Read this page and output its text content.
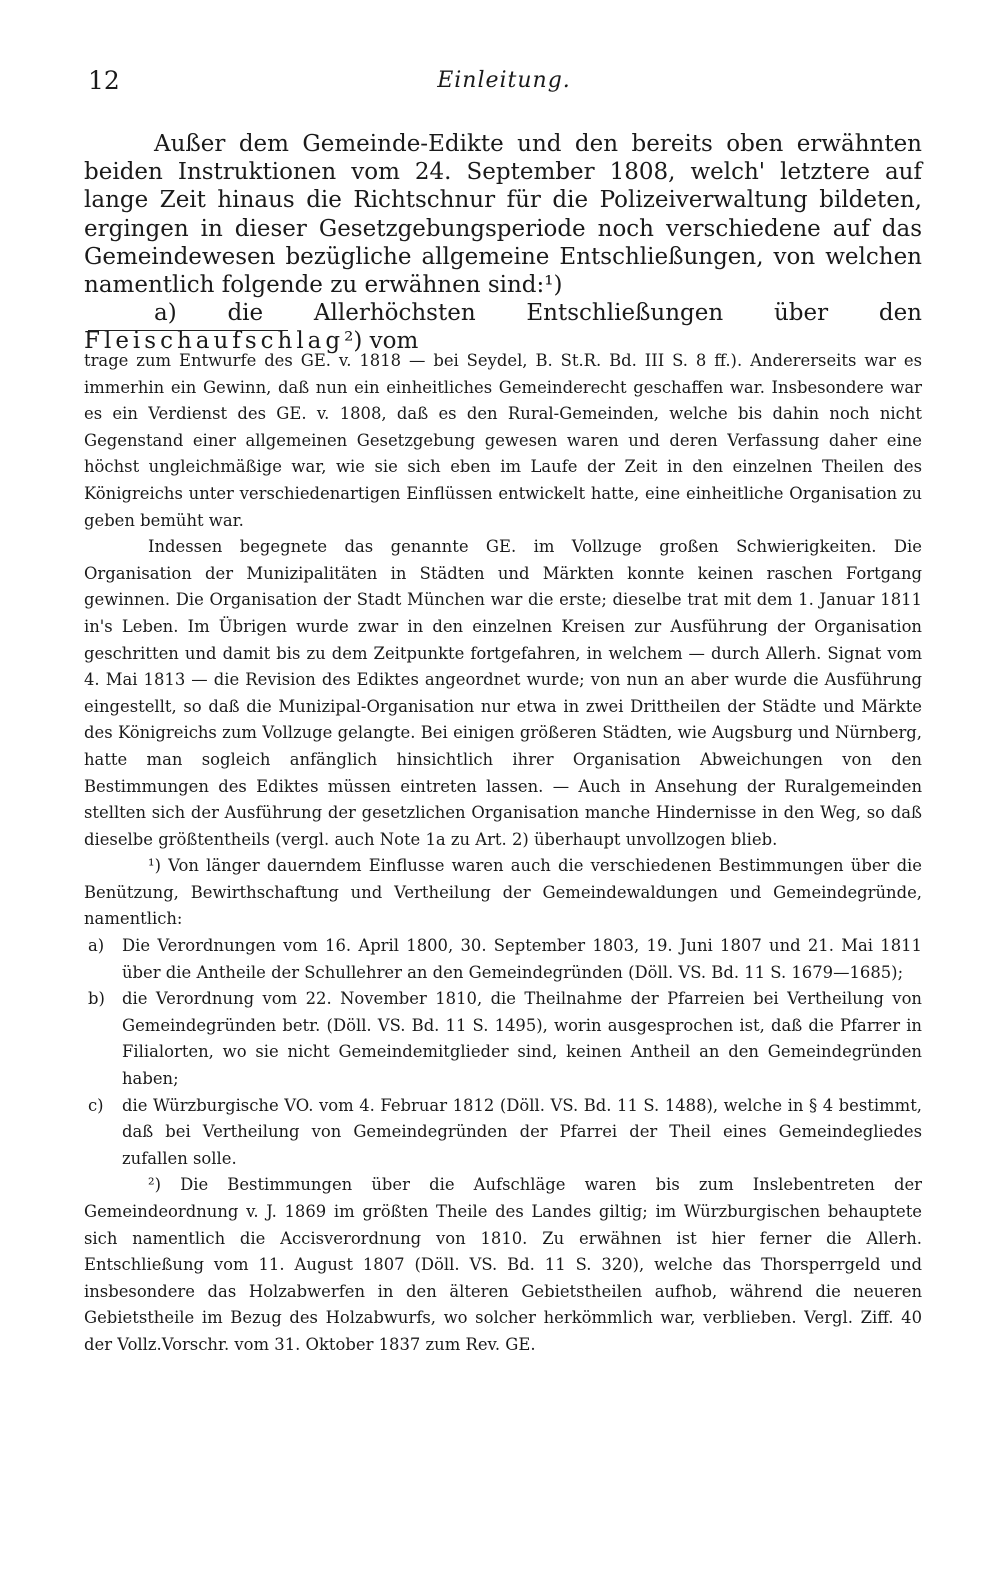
12	Einleitung.

Außer dem Gemeinde-Edikte und den bereits oben erwähnten beiden Instruktionen vom 24. September 1808, welch' letztere auf lange Zeit hinaus die Richtschnur für die Polizeiverwaltung bildeten, ergingen in dieser Gesetzgebungsperiode noch verschiedene auf das Gemeindewesen bezügliche allgemeine Entschließungen, von welchen namentlich folgende zu erwähnen sind:¹)

a) die Allerhöchsten Entschließungen über den Fleischaufschlag²) vom

trage zum Entwurfe des GE. v. 1818 — bei Seydel, B. St.R. Bd. III S. 8 ff.). Andererseits war es immerhin ein Gewinn, daß nun ein einheitliches Gemeinderecht geschaffen war. Insbesondere war es ein Verdienst des GE. v. 1808, daß es den Rural-Gemeinden, welche bis dahin noch nicht Gegenstand einer allgemeinen Gesetzgebung gewesen waren und deren Verfassung daher eine höchst ungleichmäßige war, wie sie sich eben im Laufe der Zeit in den einzelnen Theilen des Königreichs unter verschiedenartigen Einflüssen entwickelt hatte, eine einheitliche Organisation zu geben bemüht war.

Indessen begegnete das genannte GE. im Vollzuge großen Schwierigkeiten. Die Organisation der Munizipalitäten in Städten und Märkten konnte keinen raschen Fortgang gewinnen. Die Organisation der Stadt München war die erste; dieselbe trat mit dem 1. Januar 1811 in's Leben. Im Übrigen wurde zwar in den einzelnen Kreisen zur Ausführung der Organisation geschritten und damit bis zu dem Zeitpunkte fortgefahren, in welchem — durch Allerh. Signat vom 4. Mai 1813 — die Revision des Ediktes angeordnet wurde; von nun an aber wurde die Ausführung eingestellt, so daß die Munizipal-Organisation nur etwa in zwei Drittheilen der Städte und Märkte des Königreichs zum Vollzuge gelangte. Bei einigen größeren Städten, wie Augsburg und Nürnberg, hatte man sogleich anfänglich hinsichtlich ihrer Organisation Abweichungen von den Bestimmungen des Ediktes müssen eintreten lassen. — Auch in Ansehung der Ruralgemeinden stellten sich der Ausführung der gesetzlichen Organisation manche Hindernisse in den Weg, so daß dieselbe größtentheils (vergl. auch Note 1a zu Art. 2) überhaupt unvollzogen blieb.

¹) Von länger dauerndem Einflusse waren auch die verschiedenen Bestimmungen über die Benützung, Bewirthschaftung und Vertheilung der Gemeindewaldungen und Gemeindegründe, namentlich:

a) Die Verordnungen vom 16. April 1800, 30. September 1803, 19. Juni 1807 und 21. Mai 1811 über die Antheile der Schullehrer an den Gemeindegründen (Döll. VS. Bd. 11 S. 1679—1685);
b) die Verordnung vom 22. November 1810, die Theilnahme der Pfarreien bei Vertheilung von Gemeindegründen betr. (Döll. VS. Bd. 11 S. 1495), worin ausgesprochen ist, daß die Pfarrer in Filialorten, wo sie nicht Gemeindemitglieder sind, keinen Antheil an den Gemeindegründen haben;
c) die Würzburgische VO. vom 4. Februar 1812 (Döll. VS. Bd. 11 S. 1488), welche in § 4 bestimmt, daß bei Vertheilung von Gemeindegründen der Pfarrei der Theil eines Gemeindegliedes zufallen solle.

²) Die Bestimmungen über die Aufschläge waren bis zum Inslebentreten der Gemeindeordnung v. J. 1869 im größten Theile des Landes giltig; im Würzburgischen behauptete sich namentlich die Accisverordnung von 1810. Zu erwähnen ist hier ferner die Allerh. Entschließung vom 11. August 1807 (Döll. VS. Bd. 11 S. 320), welche das Thorsperrgeld und insbesondere das Holzabwerfen in den älteren Gebietstheilen aufhob, während die neueren Gebietstheile im Bezug des Holzabwurfs, wo solcher herkömmlich war, verblieben. Vergl. Ziff. 40 der Vollz.Vorschr. vom 31. Oktober 1837 zum Rev. GE.
